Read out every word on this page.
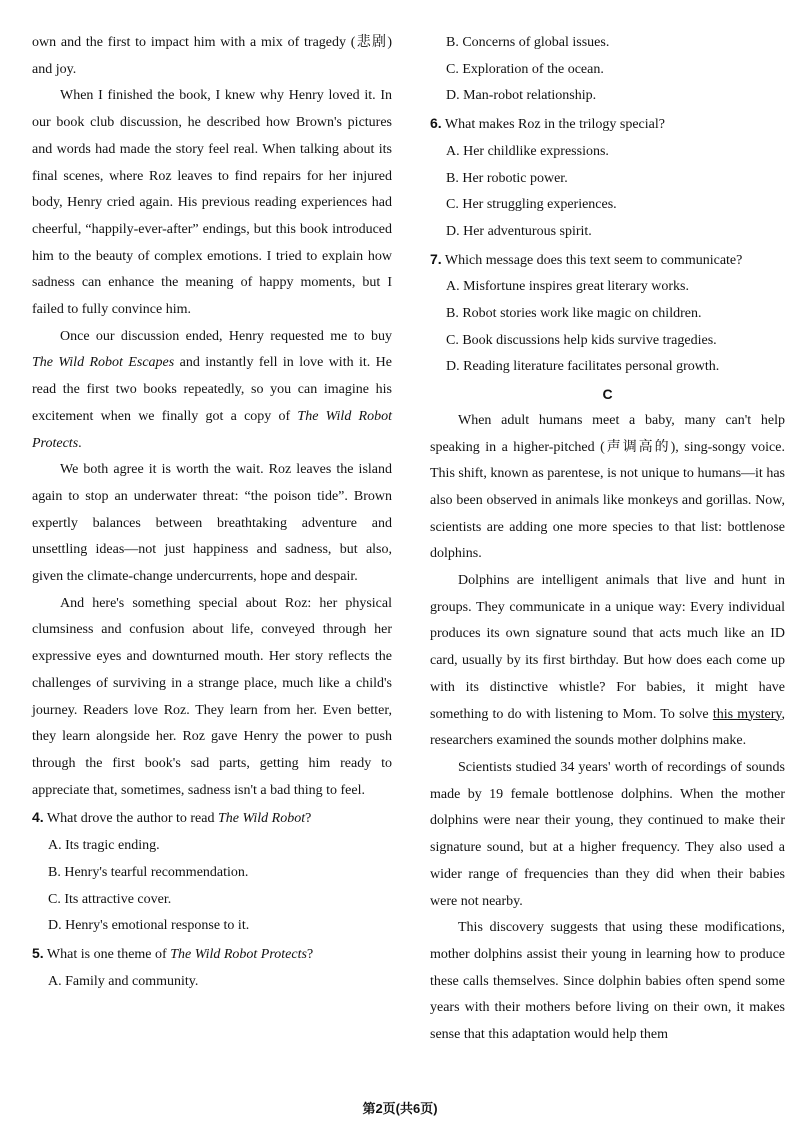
own and the first to impact him with a mix of tragedy (悲剧) and joy.

When I finished the book, I knew why Henry loved it. In our book club discussion, he described how Brown's pictures and words had made the story feel real. When talking about its final scenes, where Roz leaves to find repairs for her injured body, Henry cried again. His previous reading experiences had cheerful, “happily-ever-after” endings, but this book introduced him to the beauty of complex emotions. I tried to explain how sadness can enhance the meaning of happy moments, but I failed to fully convince him.

Once our discussion ended, Henry requested me to buy The Wild Robot Escapes and instantly fell in love with it. He read the first two books repeatedly, so you can imagine his excitement when we finally got a copy of The Wild Robot Protects.

We both agree it is worth the wait. Roz leaves the island again to stop an underwater threat: “the poison tide”. Brown expertly balances between breathtaking adventure and unsettling ideas—not just happiness and sadness, but also, given the climate-change undercurrents, hope and despair.

And here's something special about Roz: her physical clumsiness and confusion about life, conveyed through her expressive eyes and downturned mouth. Her story reflects the challenges of surviving in a strange place, much like a child's journey. Readers love Roz. They learn from her. Even better, they learn alongside her. Roz gave Henry the power to push through the first book's sad parts, getting him ready to appreciate that, sometimes, sadness isn't a bad thing to feel.

4. What drove the author to read The Wild Robot?

A. Its tragic ending.

B. Henry's tearful recommendation.

C. Its attractive cover.

D. Henry's emotional response to it.

5. What is one theme of The Wild Robot Protects?

A. Family and community.

B. Concerns of global issues.

C. Exploration of the ocean.

D. Man-robot relationship.

6. What makes Roz in the trilogy special?

A. Her childlike expressions.

B. Her robotic power.

C. Her struggling experiences.

D. Her adventurous spirit.

7. Which message does this text seem to communicate?

A. Misfortune inspires great literary works.

B. Robot stories work like magic on children.

C. Book discussions help kids survive tragedies.

D. Reading literature facilitates personal growth.

C

When adult humans meet a baby, many can't help speaking in a higher-pitched (声调高的), sing-songy voice. This shift, known as parentese, is not unique to humans—it has also been observed in animals like monkeys and gorillas. Now, scientists are adding one more species to that list: bottlenose dolphins.

Dolphins are intelligent animals that live and hunt in groups. They communicate in a unique way: Every individual produces its own signature sound that acts much like an ID card, usually by its first birthday. But how does each come up with its distinctive whistle? For babies, it might have something to do with listening to Mom. To solve this mystery, researchers examined the sounds mother dolphins make.

Scientists studied 34 years' worth of recordings of sounds made by 19 female bottlenose dolphins. When the mother dolphins were near their young, they continued to make their signature sound, but at a higher frequency. They also used a wider range of frequencies than they did when their babies were not nearby.

This discovery suggests that using these modifications, mother dolphins assist their young in learning how to produce these calls themselves. Since dolphin babies often spend some years with their mothers before living on their own, it makes sense that this adaptation would help them

第2页(共6页)
